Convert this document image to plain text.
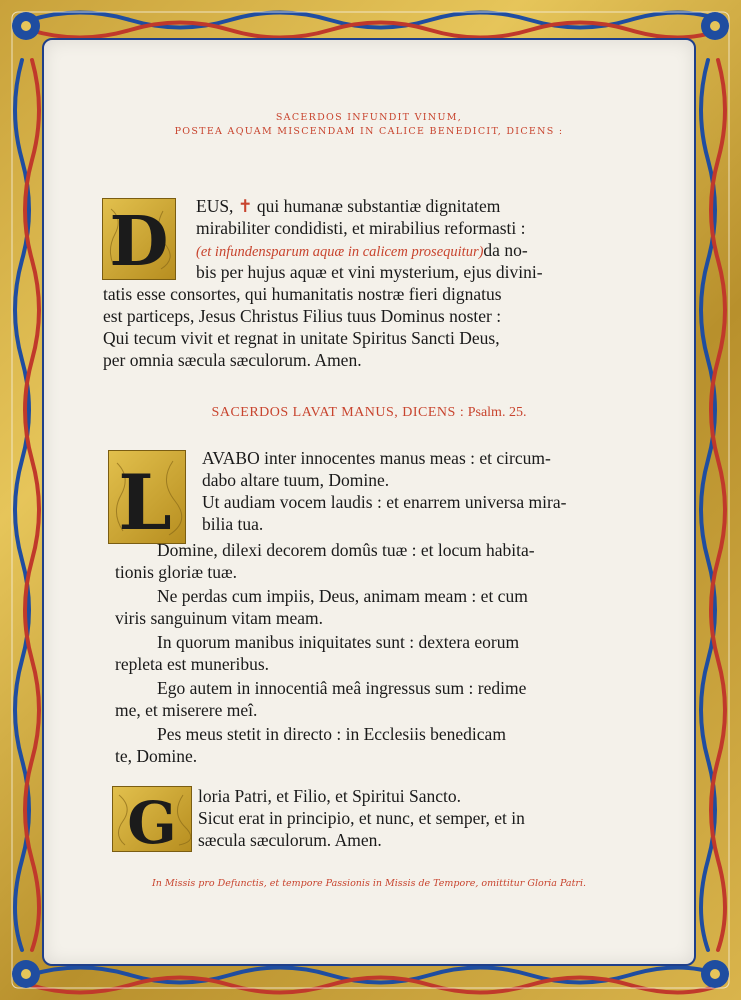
SACERDOS INFUNDIT VINUM,
POSTEA AQUAM MISCENDAM IN CALICE BENEDICIT, DICENS :
D EUS, ✝ qui humanæ substantiæ dignitatem
mirabiliter condidisti, et mirabilius reformasti :
(et infundensparum aquæ in calicem prosequitur)da no-
bis per hujus aquæ et vini mysterium, ejus divini-
tatis esse consortes, qui humanitatis nostræ fieri dignatus
est particeps, Jesus Christus Filius tuus Dominus noster :
Qui tecum vivit et regnat in unitate Spiritus Sancti Deus,
per omnia sæcula sæculorum. Amen.
SACERDOS LAVAT MANUS, DICENS : Psalm. 25.
L AVABO inter innocentes manus meas : et circum-
dabo altare tuum, Domine.
Ut audiam vocem laudis : et enarrem universa mira-
bilia tua.
Domine, dilexi decorem domûs tuæ : et locum habita-
tionis gloriæ tuæ.
Ne perdas cum impiis, Deus, animam meam : et cum
viris sanguinum vitam meam.
In quorum manibus iniquitates sunt : dextera eorum
repleta est muneribus.
Ego autem in innocentiâ meâ ingressus sum : redime
me, et miserere meî.
Pes meus stetit in directo : in Ecclesiis benedicam
te, Domine.
G loria Patri, et Filio, et Spiritui Sancto.
Sicut erat in principio, et nunc, et semper, et in
sæcula sæculorum. Amen.
In Missis pro Defunctis, et tempore Passionis in Missis de Tempore, omittitur Gloria Patri.
